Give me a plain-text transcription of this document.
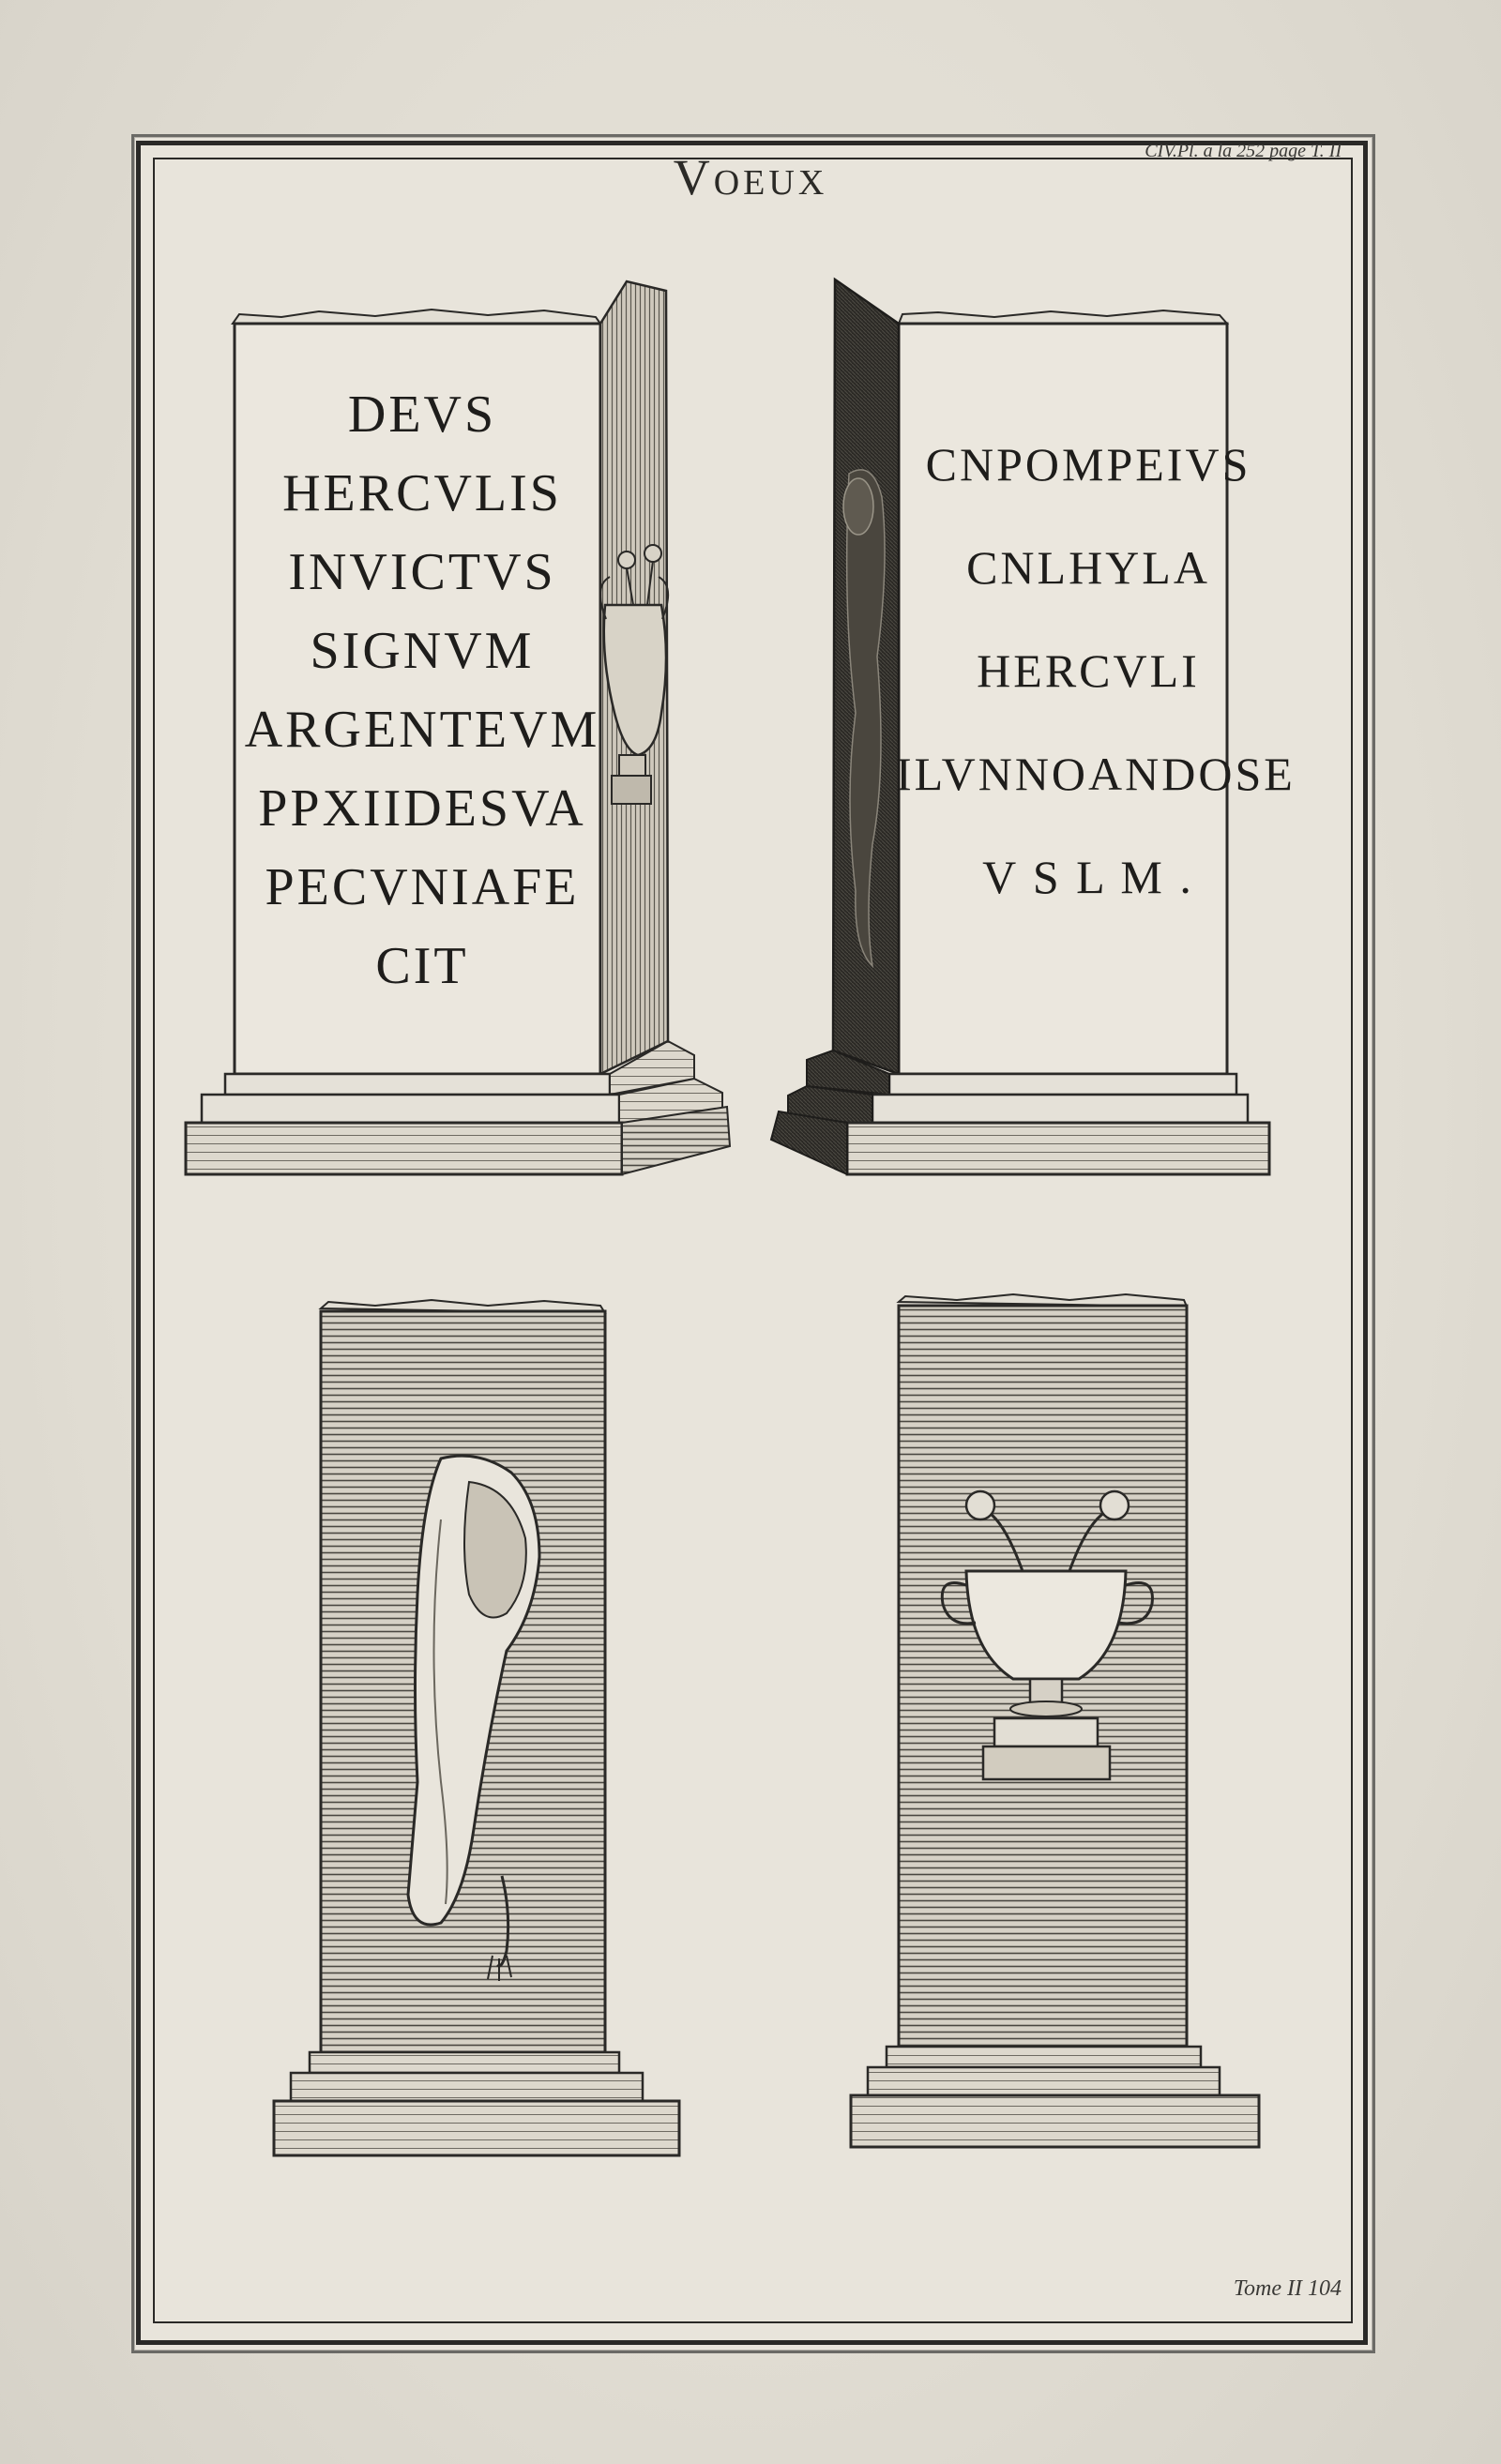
Voeux	CIV.Pl. a la 252 page T. II
DEVS
HERCVLIS
INVICTVS
SIGNVM
ARGENTEVM
PPXIIDESVA
PECVNIAFE
CIT
CNPOMPEIVS
CNLHYLA
HERCVLI
ILVNNOANDOSE
V S L M .
Tome II 104
